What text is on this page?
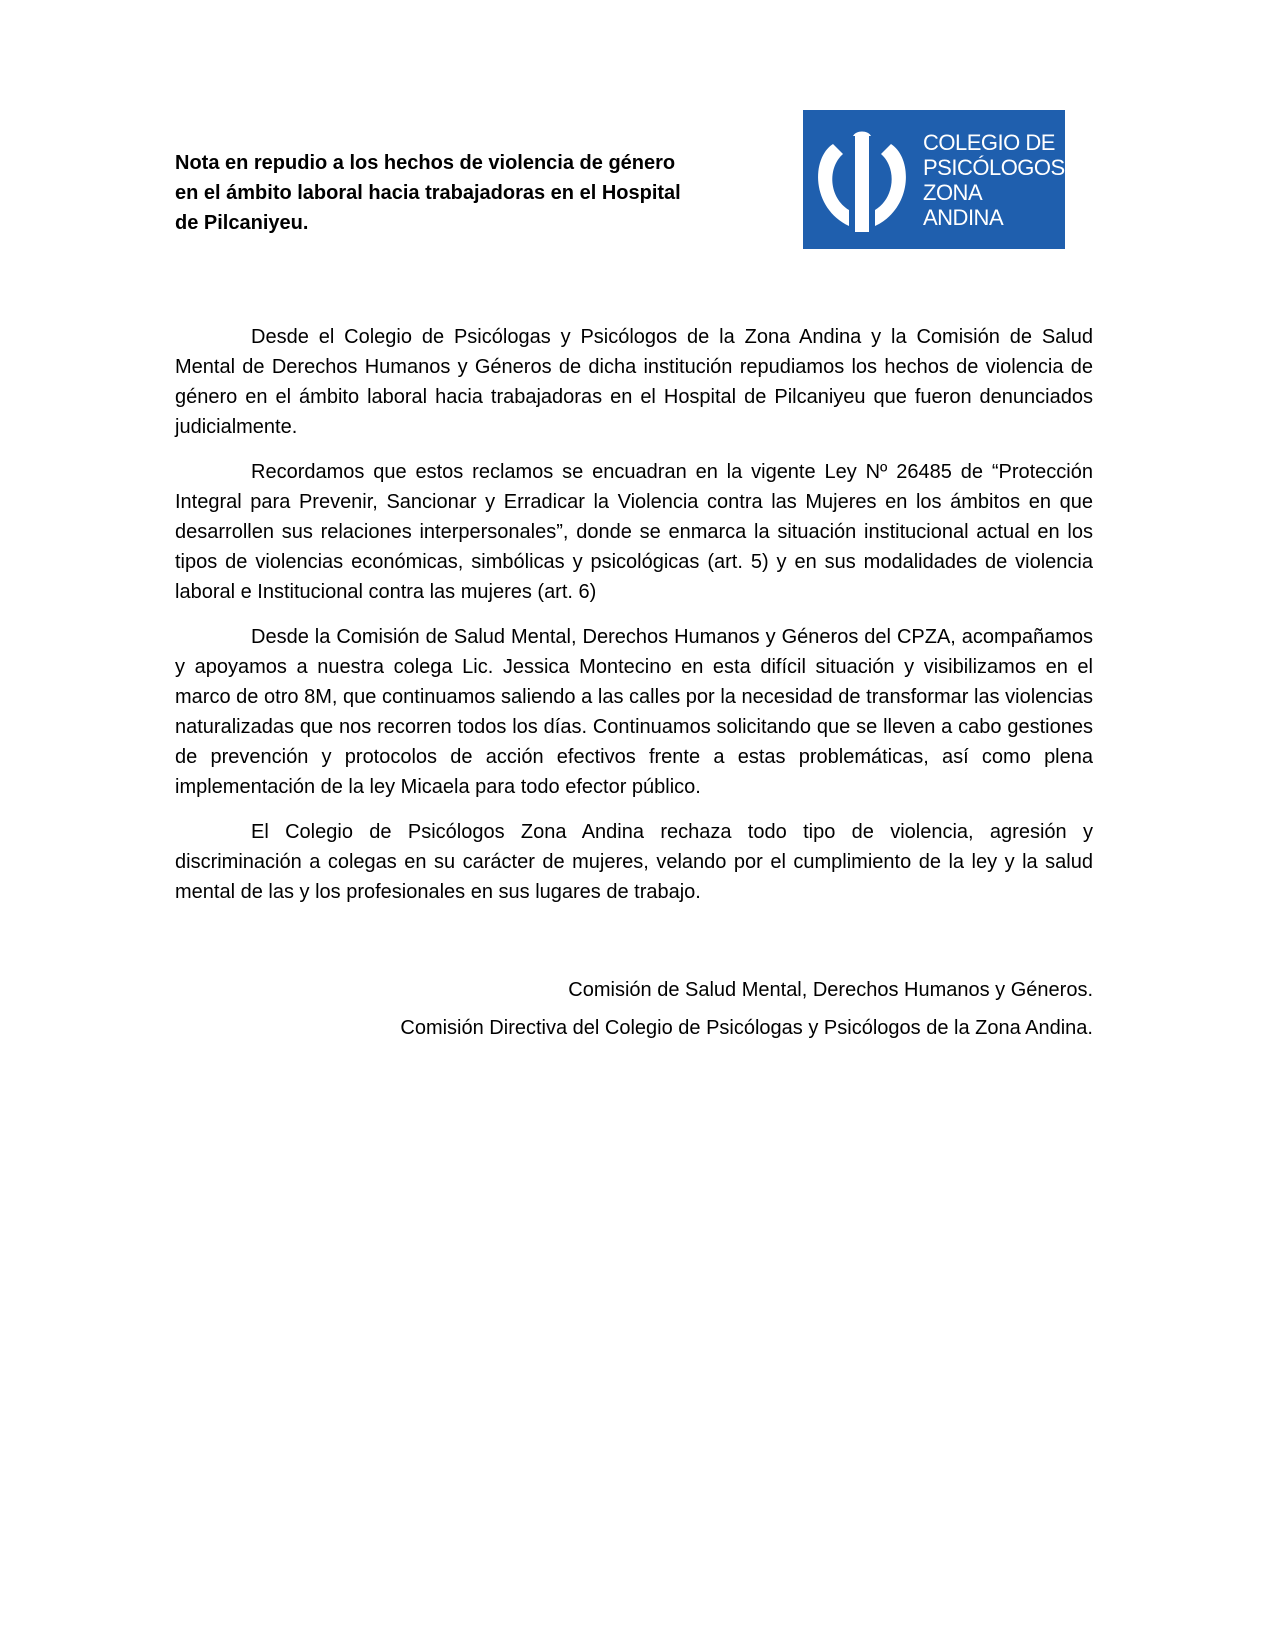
Nota en repudio a los hechos de violencia de género en el ámbito laboral hacia trabajadoras en el Hospital de Pilcaniyeu.
COLEGIO DE
PSICÓLOGOS
ZONA ANDINA

Desde el Colegio de Psicólogas y Psicólogos de la Zona Andina y la Comisión de Salud Mental de Derechos Humanos y Géneros de dicha institución repudiamos los hechos de violencia de género en el ámbito laboral hacia trabajadoras en el Hospital de Pilcaniyeu que fueron denunciados judicialmente.

Recordamos que estos reclamos se encuadran en la vigente Ley Nº 26485 de “Protección Integral para Prevenir, Sancionar y Erradicar la Violencia contra las Mujeres en los ámbitos en que desarrollen sus relaciones interpersonales”, donde se enmarca la situación institucional actual en los tipos de violencias económicas, simbólicas y psicológicas (art. 5) y en sus modalidades de violencia laboral e Institucional contra las mujeres (art. 6)

Desde la Comisión de Salud Mental, Derechos Humanos y Géneros del CPZA, acompañamos y apoyamos a nuestra colega Lic. Jessica Montecino en esta difícil situación y visibilizamos en el marco de otro 8M, que continuamos saliendo a las calles por la necesidad de transformar las violencias naturalizadas que nos recorren todos los días. Continuamos solicitando que se lleven a cabo gestiones de prevención y protocolos de acción efectivos frente a estas problemáticas, así como plena implementación de la ley Micaela para todo efector público.

El Colegio de Psicólogos Zona Andina rechaza todo tipo de violencia, agresión y discriminación a colegas en su carácter de mujeres, velando por el cumplimiento de la ley y la salud mental de las y los profesionales en sus lugares de trabajo.

Comisión de Salud Mental, Derechos Humanos y Géneros.

Comisión Directiva del Colegio de Psicólogas y Psicólogos de la Zona Andina.
